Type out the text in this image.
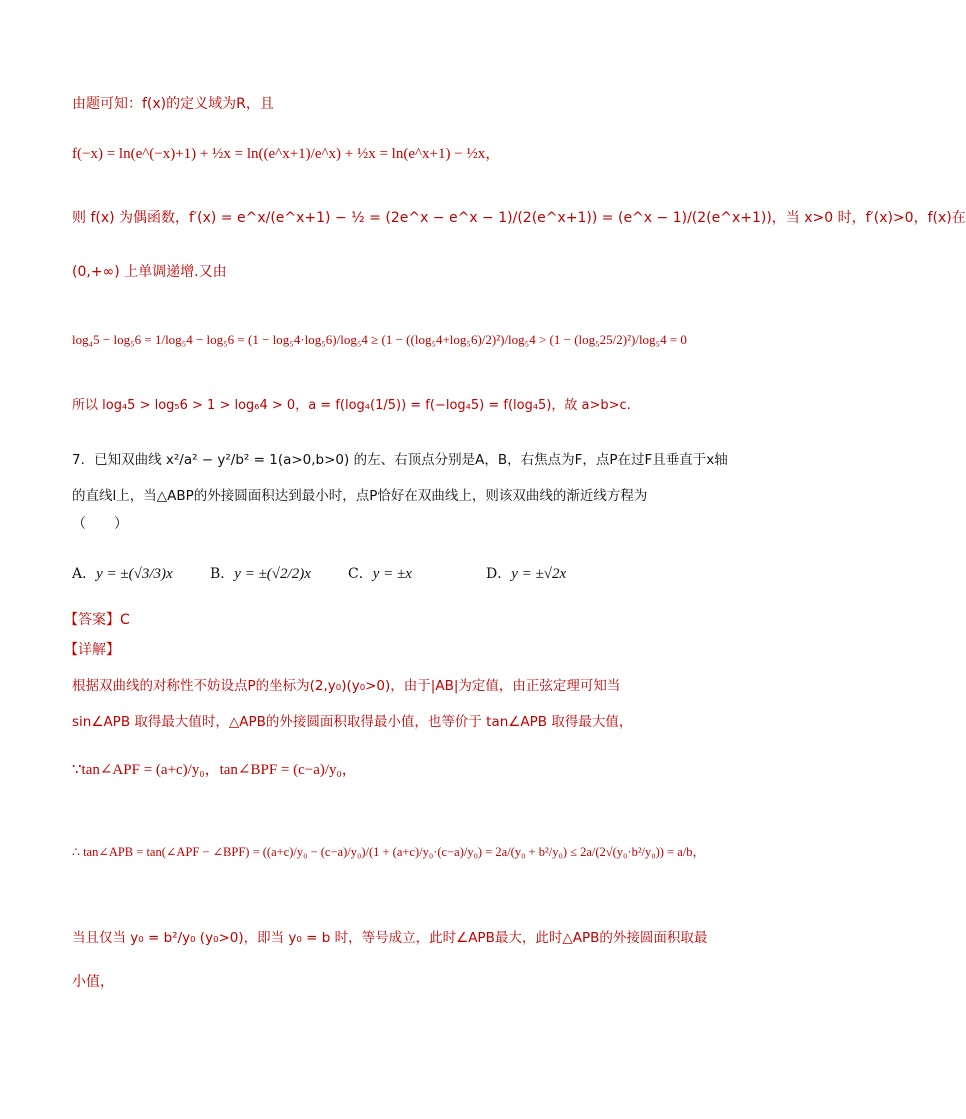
由题可知：f(x)的定义域为R，且
f(−x) = ln(e^(−x)+1) + ½x = ln((e^x+1)/e^x) + ½x = ln(e^x+1) − ½x，
则 f(x) 为偶函数，f′(x) = e^x/(e^x+1) − ½ = (2e^x − e^x − 1)/(2(e^x+1)) = (e^x − 1)/(2(e^x+1))，当 x>0 时，f′(x)>0，f(x)在
(0,+∞) 上单调递增.又由
log₄5 − log₅6 = 1/log₅4 − log₅6 = (1 − log₅4·log₅6)/log₅4 ≥ (1 − ((log₅4+log₅6)/2)²)/log₅4 > (1 − (log₅25/2)²)/log₅4 = 0
所以 log₄5 > log₅6 > 1 > log₆4 > 0，a = f(log₄(1/5)) = f(−log₄5) = f(log₄5)，故 a>b>c.
7．已知双曲线 x²/a² − y²/b² = 1(a>0,b>0) 的左、右顶点分别是A，B，右焦点为F，点P在过F且垂直于x轴
的直线l上，当△ABP的外接圆面积达到最小时，点P恰好在双曲线上，则该双曲线的渐近线方程为
（　　）
A．y = ±(√3/3)x	B．y = ±(√2/2)x	C．y = ±x	D．y = ±√2x
【答案】C
【详解】
根据双曲线的对称性不妨设点P的坐标为(2,y₀)(y₀>0)，由于|AB|为定值，由正弦定理可知当
sin∠APB 取得最大值时，△APB的外接圆面积取得最小值，也等价于 tan∠APB 取得最大值，
∵tan∠APF = (a+c)/y₀，tan∠BPF = (c−a)/y₀，
∴ tan∠APB = tan(∠APF − ∠BPF) = ((a+c)/y₀ − (c−a)/y₀)/(1 + (a+c)/y₀·(c−a)/y₀) = 2a/(y₀ + b²/y₀) ≤ 2a/(2√(y₀·b²/y₀)) = a/b，
当且仅当 y₀ = b²/y₀ (y₀>0)，即当 y₀ = b 时，等号成立，此时∠APB最大，此时△APB的外接圆面积取最
小值，
